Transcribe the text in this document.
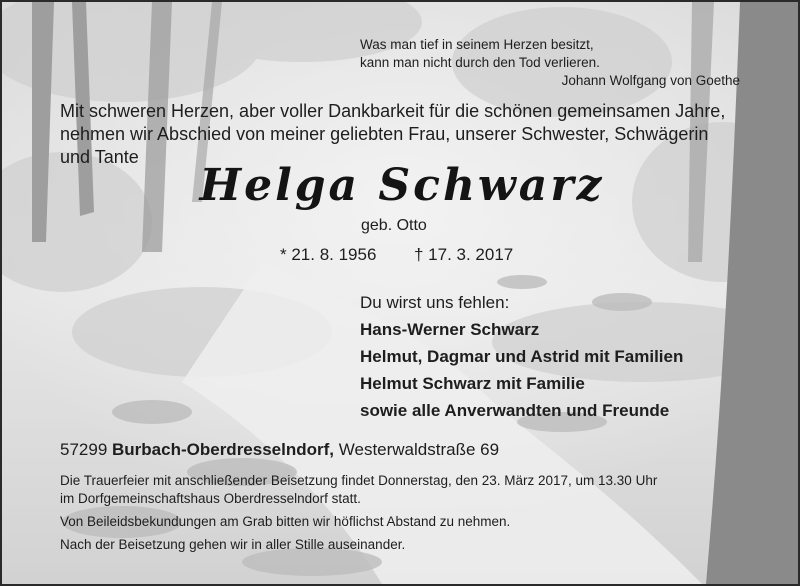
Was man tief in seinem Herzen besitzt,
kann man nicht durch den Tod verlieren.
Johann Wolfgang von Goethe
Mit schweren Herzen, aber voller Dankbarkeit für die schönen gemeinsamen Jahre,
nehmen wir Abschied von meiner geliebten Frau, unserer Schwester, Schwägerin
und Tante
Helga Schwarz
geb. Otto
* 21. 8. 1956 † 17. 3. 2017
Du wirst uns fehlen:
Hans-Werner Schwarz
Helmut, Dagmar und Astrid mit Familien
Helmut Schwarz mit Familie
sowie alle Anverwandten und Freunde
57299 Burbach-Oberdresselndorf, Westerwaldstraße 69
Die Trauerfeier mit anschließender Beisetzung findet Donnerstag, den 23. März 2017, um 13.30 Uhr
im Dorfgemeinschaftshaus Oberdresselndorf statt.
Von Beileidsbekundungen am Grab bitten wir höflichst Abstand zu nehmen.
Nach der Beisetzung gehen wir in aller Stille auseinander.
